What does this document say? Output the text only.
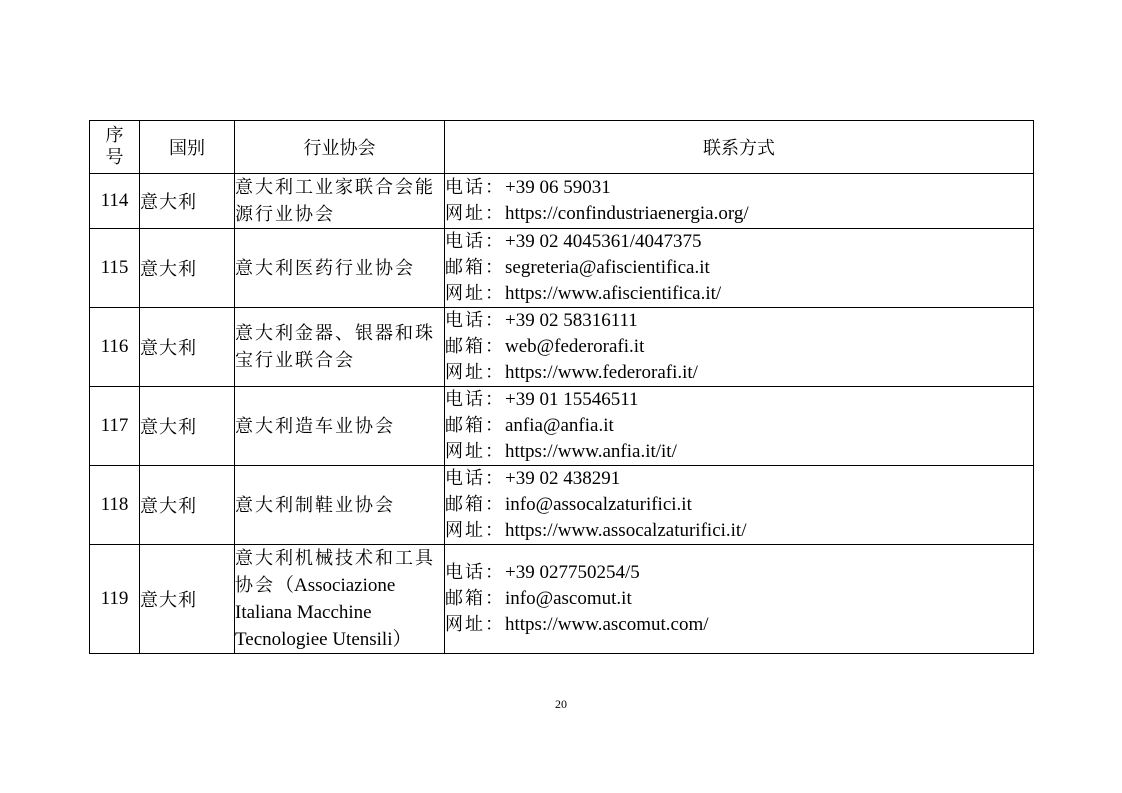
序
号	国别	行业协会	联系方式
114	意大利	意大利工业家联合会能源行业协会	电话：+39 06 59031
网址：https://confindustriaenergia.org/

115	意大利	意大利医药行业协会	电话：+39 02 4045361/4047375
邮箱：segreteria@afiscientifica.it
网址：https://www.afiscientifica.it/

116	意大利	意大利金器、银器和珠宝行业联合会	电话：+39 02 58316111
邮箱：web@federorafi.it
网址：https://www.federorafi.it/

117	意大利	意大利造车业协会	电话：+39 01 15546511
邮箱：anfia@anfia.it
网址：https://www.anfia.it/it/

118	意大利	意大利制鞋业协会	电话：+39 02 438291
邮箱：info@assocalzaturifici.it
网址：https://www.assocalzaturifici.it/

119	意大利	意大利机械技术和工具协会（Associazione Italiana Macchine Tecnologiee Utensili）	电话：+39 027750254/5
邮箱：info@ascomut.it
网址：https://www.ascomut.com/
20
